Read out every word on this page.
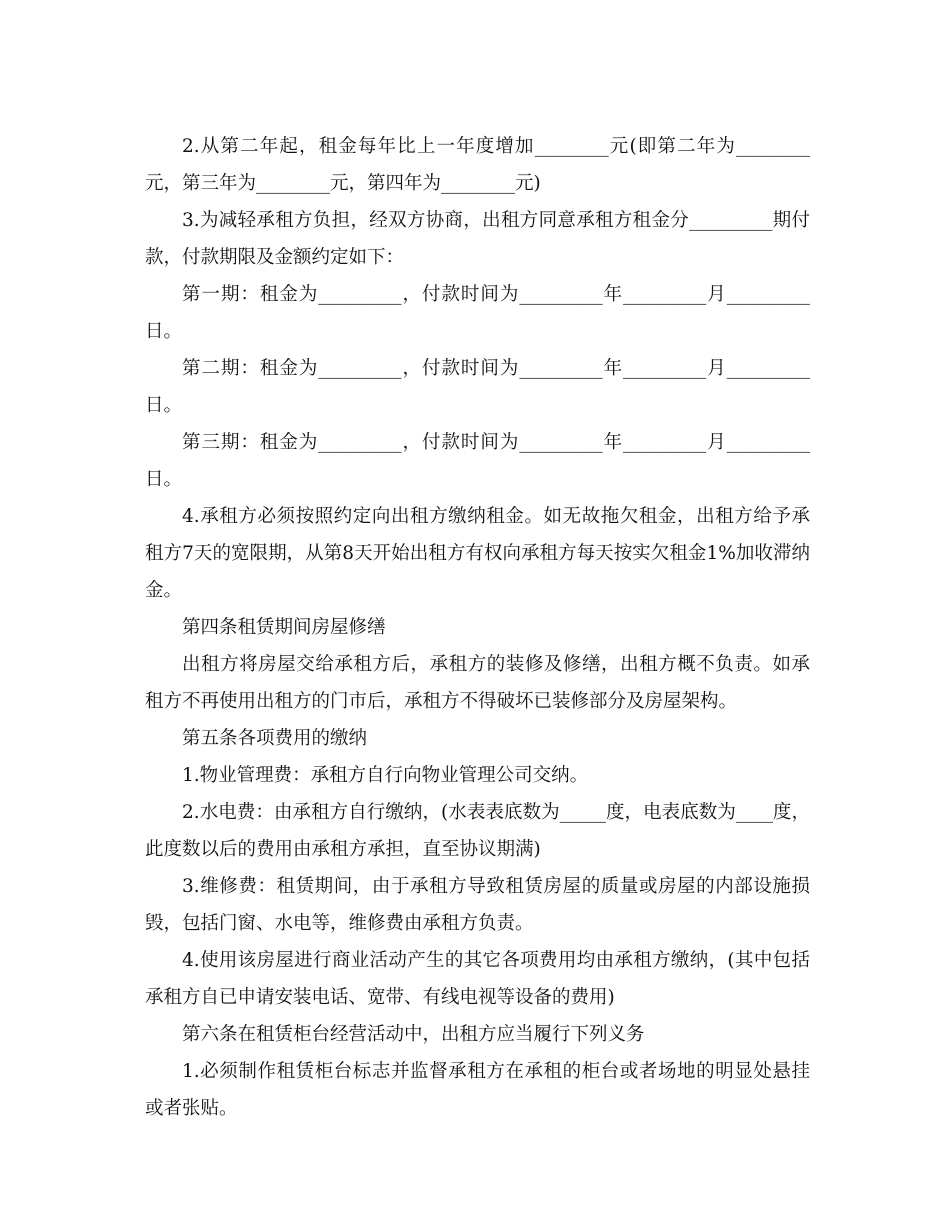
2.从第二年起，租金每年比上一年度增加________元(即第二年为________元，第三年为________元，第四年为________元)

3.为减轻承租方负担，经双方协商，出租方同意承租方租金分_________期付款，付款期限及金额约定如下：

第一期：租金为_________，付款时间为_________年_________月_________日。

第二期：租金为_________，付款时间为_________年_________月_________日。

第三期：租金为_________，付款时间为_________年_________月_________日。

4.承租方必须按照约定向出租方缴纳租金。如无故拖欠租金，出租方给予承租方7天的宽限期，从第8天开始出租方有权向承租方每天按实欠租金1%加收滞纳金。

第四条租赁期间房屋修缮

出租方将房屋交给承租方后，承租方的装修及修缮，出租方概不负责。如承租方不再使用出租方的门市后，承租方不得破坏已装修部分及房屋架构。

第五条各项费用的缴纳

1.物业管理费：承租方自行向物业管理公司交纳。

2.水电费：由承租方自行缴纳，(水表表底数为_____度，电表底数为____度，此度数以后的费用由承租方承担，直至协议期满)

3.维修费：租赁期间，由于承租方导致租赁房屋的质量或房屋的内部设施损毁，包括门窗、水电等，维修费由承租方负责。

4.使用该房屋进行商业活动产生的其它各项费用均由承租方缴纳，(其中包括承租方自已申请安装电话、宽带、有线电视等设备的费用)

第六条在租赁柜台经营活动中，出租方应当履行下列义务

1.必须制作租赁柜台标志并监督承租方在承租的柜台或者场地的明显处悬挂或者张贴。
